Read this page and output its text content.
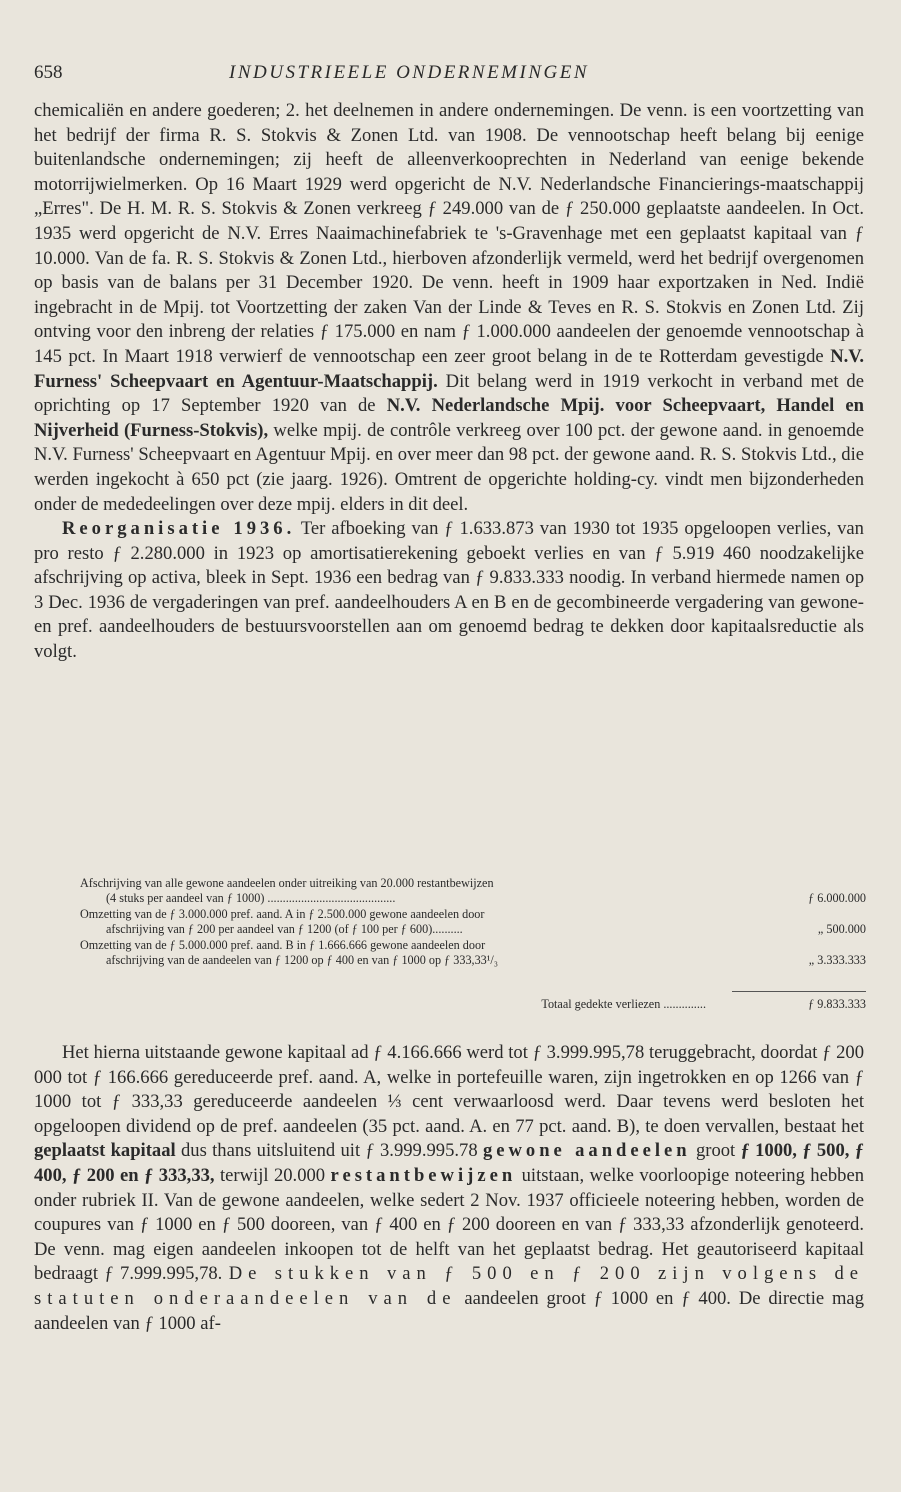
658	INDUSTRIEELE ONDERNEMINGEN

chemicaliën en andere goederen; 2. het deelnemen in andere ondernemingen. De venn. is een voortzetting van het bedrijf der firma R. S. Stokvis & Zonen Ltd. van 1908. De vennootschap heeft belang bij eenige buitenlandsche ondernemingen; zij heeft de alleenverkooprechten in Nederland van eenige bekende motorrijwielmerken. Op 16 Maart 1929 werd opgericht de N.V. Nederlandsche Financierings-maatschappij „Erres". De H. M. R. S. Stokvis & Zonen verkreeg ƒ 249.000 van de ƒ 250.000 geplaatste aandeelen. In Oct. 1935 werd opgericht de N.V. Erres Naaimachinefabriek te 's-Gravenhage met een geplaatst kapitaal van ƒ 10.000. Van de fa. R. S. Stokvis & Zonen Ltd., hierboven afzonderlijk vermeld, werd het bedrijf overgenomen op basis van de balans per 31 December 1920. De venn. heeft in 1909 haar exportzaken in Ned. Indië ingebracht in de Mpij. tot Voortzetting der zaken Van der Linde & Teves en R. S. Stokvis en Zonen Ltd. Zij ontving voor den inbreng der relaties ƒ 175.000 en nam ƒ 1.000.000 aandeelen der genoemde vennootschap à 145 pct. In Maart 1918 verwierf de vennootschap een zeer groot belang in de te Rotterdam gevestigde N.V. Furness' Scheepvaart en Agentuur-Maatschappij. Dit belang werd in 1919 verkocht in verband met de oprichting op 17 September 1920 van de N.V. Nederlandsche Mpij. voor Scheepvaart, Handel en Nijverheid (Furness-Stokvis), welke mpij. de contrôle verkreeg over 100 pct. der gewone aand. in genoemde N.V. Furness' Scheepvaart en Agentuur Mpij. en over meer dan 98 pct. der gewone aand. R. S. Stokvis Ltd., die werden ingekocht à 650 pct (zie jaarg. 1926). Omtrent de opgerichte holding-cy. vindt men bijzonderheden onder de mededeelingen over deze mpij. elders in dit deel.

Reorganisatie 1936. Ter afboeking van ƒ 1.633.873 van 1930 tot 1935 opgeloopen verlies, van pro resto ƒ 2.280.000 in 1923 op amortisatierekening geboekt verlies en van ƒ 5.919 460 noodzakelijke afschrijving op activa, bleek in Sept. 1936 een bedrag van ƒ 9.833.333 noodig. In verband hiermede namen op 3 Dec. 1936 de vergaderingen van pref. aandeelhouders A en B en de gecombineerde vergadering van gewone- en pref. aandeelhouders de bestuursvoorstellen aan om genoemd bedrag te dekken door kapitaalsreductie als volgt.

Afschrijving van alle gewone aandeelen onder uitreiking van 20.000 restantbewijzen
(4 stuks per aandeel van ƒ 1000) ..........................................	ƒ 6.000.000
Omzetting van de ƒ 3.000.000 pref. aand. A in ƒ 2.500.000 gewone aandeelen door
afschrijving van ƒ 200 per aandeel van ƒ 1200 (of ƒ 100 per ƒ 600)..........	„ 500.000
Omzetting van de ƒ 5.000.000 pref. aand. B in ƒ 1.666.666 gewone aandeelen door
afschrijving van de aandeelen van ƒ 1200 op ƒ 400 en van ƒ 1000 op ƒ 333,33¹/₃	„ 3.333.333
Totaal gedekte verliezen ..............	ƒ 9.833.333

Het hierna uitstaande gewone kapitaal ad ƒ 4.166.666 werd tot ƒ 3.999.995,78 teruggebracht, doordat ƒ 200 000 tot ƒ 166.666 gereduceerde pref. aand. A, welke in portefeuille waren, zijn ingetrokken en op 1266 van ƒ 1000 tot ƒ 333,33 gereduceerde aandeelen ⅓ cent verwaarloosd werd. Daar tevens werd besloten het opgeloopen dividend op de pref. aandeelen (35 pct. aand. A. en 77 pct. aand. B), te doen vervallen, bestaat het geplaatst kapitaal dus thans uitsluitend uit ƒ 3.999.995.78 gewone aandeelen groot ƒ 1000, ƒ 500, ƒ 400, ƒ 200 en ƒ 333,33, terwijl 20.000 restantbewijzen uitstaan, welke voorloopige noteering hebben onder rubriek II. Van de gewone aandeelen, welke sedert 2 Nov. 1937 officieele noteering hebben, worden de coupures van ƒ 1000 en ƒ 500 dooreen, van ƒ 400 en ƒ 200 dooreen en van ƒ 333,33 afzonderlijk genoteerd. De venn. mag eigen aandeelen inkoopen tot de helft van het geplaatst bedrag. Het geautoriseerd kapitaal bedraagt ƒ 7.999.995,78. De stukken van ƒ 500 en ƒ 200 zijn volgens de statuten onderaandeelen van de aandeelen groot ƒ 1000 en ƒ 400. De directie mag aandeelen van ƒ 1000 af-
